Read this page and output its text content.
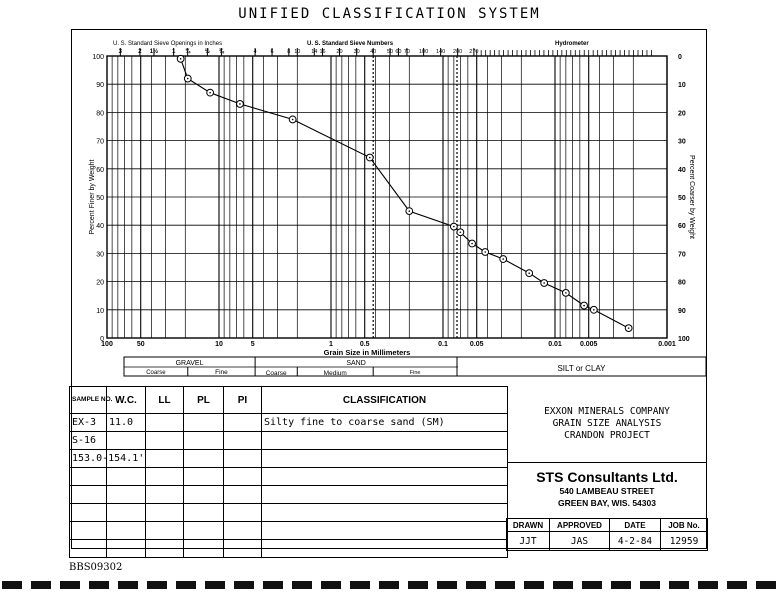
UNIFIED CLASSIFICATION SYSTEM
GRAVEL
Coarse	Fine
SAND
Coarse	Medium	Fine	SILT or CLAY
U. S. Standard Sieve Openings in Inches	U. S. Standard Sieve Numbers	Hydrometer
3	2 1½ 1 ¾ ½ ⅜	4	6 8 10 14 16 20 30 40 50 60 70 100 140 200 270
0
10
20
30
40
50
60
70
80
90
100
100
90
80
70
60
50
40
30
20
10
0
100	50	10	5	1	0.5	0.1	0.05	0.01	0.005	0.001
Grain Size in Millimeters
Percent Finer by Weight	Percent Coarser by Weight
SAMPLE NO.	W.C.	LL	PL	PI	CLASSIFICATION
EX-3	11.0				Silty fine to coarse sand (SM)
S-16					
153.0-154.1'					

EXXON MINERALS COMPANY
GRAIN SIZE ANALYSIS
CRANDON PROJECT
STS Consultants Ltd.
540 LAMBEAU STREET
GREEN BAY, WIS. 54303
DRAWN	APPROVED	DATE	JOB No.
JJT	JAS	4-2-84	12959
BBS09302
